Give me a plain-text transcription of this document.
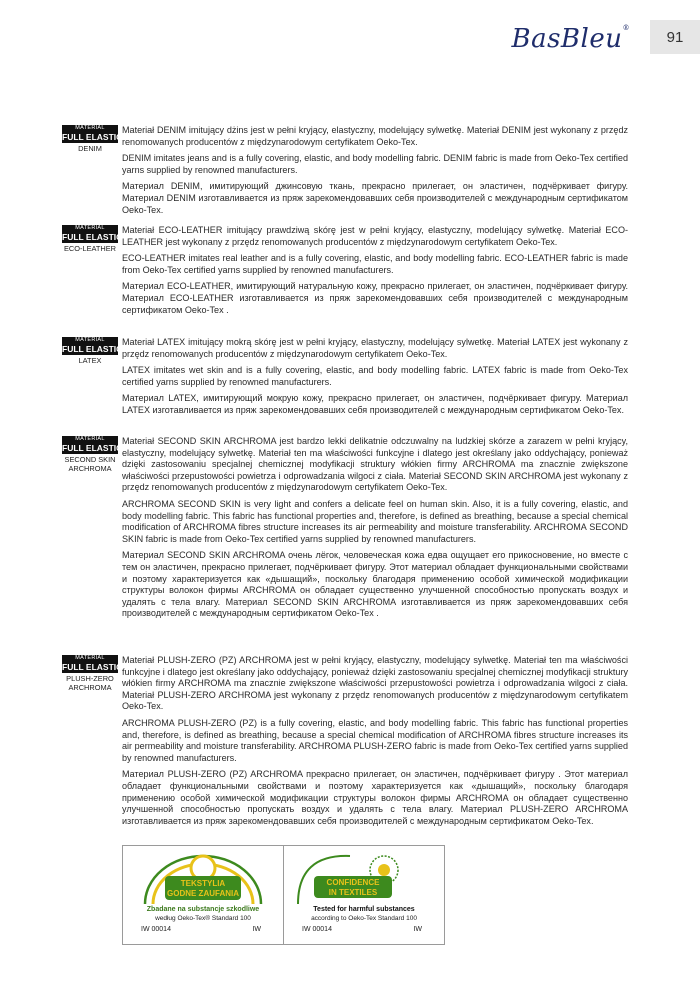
BasBleu®
91
MATERIAL
FULL ELASTIC
DENIM

Materiał DENIM imitujący dżins jest w pełni kryjący, elastyczny, modelujący sylwetkę. Materiał DENIM jest wykonany z przędz renomowanych producentów z międzynarodowym certyfikatem Oeko-Tex.

DENIM imitates jeans and is a fully covering, elastic, and body modelling fabric. DENIM fabric is made from Oeko-Tex certified yarns supplied by renowned manufacturers.

Материал DENIM, имитирующий джинсовую ткань, прекрасно прилегает, он эластичен, подчёркивает фигуру. Материал DENIM изготавливается из пряж зарекомендовавших себя производителей с международным сертификатом Oeko-Tex.

MATERIAL
FULL ELASTIC
ECO-LEATHER

Materiał ECO-LEATHER imitujący prawdziwą skórę jest w pełni kryjący, elastyczny, modelujący sylwetkę. Materiał ECO-LEATHER jest wykonany z przędz renomowanych producentów z międzynarodowym certyfikatem Oeko-Tex.

ECO-LEATHER imitates real leather and is a fully covering, elastic, and body modelling fabric. ECO-LEATHER fabric is made from Oeko-Tex certified yarns supplied by renowned manufacturers.

Материал ECO-LEATHER, имитирующий натуральную кожу, прекрасно прилегает, он эластичен, подчёркивает фигуру. Материал ECO-LEATHER изготавливается из пряж зарекомендовавших себя производителей с международным сертификатом Oeko-Tex .

MATERIAL
FULL ELASTIC
LATEX

Materiał LATEX imitujący mokrą skórę jest w pełni kryjący, elastyczny, modelujący sylwetkę. Materiał LATEX jest wykonany z przędz renomowanych producentów z międzynarodowym certyfikatem Oeko-Tex.

LATEX imitates wet skin and is a fully covering, elastic, and body modelling fabric. LATEX fabric is made from Oeko-Tex certified yarns supplied by renowned manufacturers.

Материал LATEX, имитирующий мокрую кожу, прекрасно прилегает, он эластичен, подчёркивает фигуру. Материал LATEX изготавливается из пряж зарекомендовавших себя производителей с международным сертификатом Oeko-Tex.

MATERIAL
FULL ELASTIC
SECOND SKIN ARCHROMA

Materiał SECOND SKIN ARCHROMA jest bardzo lekki delikatnie odczuwalny na ludzkiej skórze a zarazem w pełni kryjący, elastyczny, modelujący sylwetkę. Materiał ten ma właściwości funkcyjne i dlatego jest określany jako oddychający, ponieważ dzięki zastosowaniu specjalnej chemicznej modyfikacji struktury włókien firmy ARCHROMA ma znacznie zwiększone właściwości przepustowości powietrza i odprowadzania wilgoci z ciała. Materiał SECOND SKIN ARCHROMA jest wykonany z przędz renomowanych producentów z międzynarodowym certyfikatem Oeko-Tex.

ARCHROMA SECOND SKIN is very light and confers a delicate feel on human skin. Also, it is a fully covering, elastic, and body modelling fabric. This fabric has functional properties and, therefore, is defined as breathing, because a special chemical modification of ARCHROMA fibres structure increases its air permeability and moisture transferability. ARCHROMA SECOND SKIN fabric is made from Oeko-Tex certified yarns supplied by renowned manufacturers.

Материал SECOND SKIN ARCHROMA очень лёгок, человеческая кожа едва ощущает его прикосновение, но вместе с тем он эластичен, прекрасно прилегает, подчёркивает фигуру. Этот материал обладает функциональными свойствами и поэтому характеризуется как «дышащий», поскольку благодаря применению особой химической модификации структуры волокон фирмы ARCHROMA он обладает существенно улучшенной способностью пропускать воздух и удалять с тела влагу. Материал SECOND SKIN ARCHROMA изготавливается из пряж зарекомендовавших себя производителей с международным сертификатом Oeko-Tex .

MATERIAL
FULL ELASTIC
PLUSH-ZERO ARCHROMA

Materiał PLUSH-ZERO (PZ) ARCHROMA jest w pełni kryjący, elastyczny, modelujący sylwetkę. Materiał ten ma właściwości funkcyjne i dlatego jest określany jako oddychający, ponieważ dzięki zastosowaniu specjalnej chemicznej modyfikacji struktury włókien firmy ARCHROMA ma znacznie zwiększone właściwości przepustowości powietrza i odprowadzania wilgoci z ciała. Materiał PLUSH-ZERO ARCHROMA jest wykonany z przędz renomowanych producentów z międzynarodowym certyfikatem Oeko-Tex.

ARCHROMA PLUSH-ZERO (PZ) is a fully covering, elastic, and body modelling fabric. This fabric has functional properties and, therefore, is defined as breathing, because a special chemical modification of ARCHROMA fibres structure increases its air permeability and moisture transferability. ARCHROMA PLUSH-ZERO fabric is made from Oeko-Tex certified yarns supplied by renowned manufacturers.

Материал PLUSH-ZERO (PZ) ARCHROMA прекрасно прилегает, он эластичен, подчёркивает фигуру . Этот материал обладает функциональными свойствами и поэтому характеризуется как «дышащий», поскольку благодаря применению особой химической модификации структуры волокон фирмы ARCHROMA он обладает существенно улучшенной способностью пропускать воздух и удалять с тела влагу. Материал PLUSH-ZERO ARCHROMA изготавливается из пряж зарекомендовавших себя производителей с международным сертификатом Oeko-Tex.

TEKSTYLIA
GODNE ZAUFANIA
Zbadane na substancje szkodliwe
według Oeko-Tex® Standard 100
IW 00014	IW
CONFIDENCE
IN TEXTILES
Tested for harmful substances
according to Oeko-Tex Standard 100
IW 00014	IW
